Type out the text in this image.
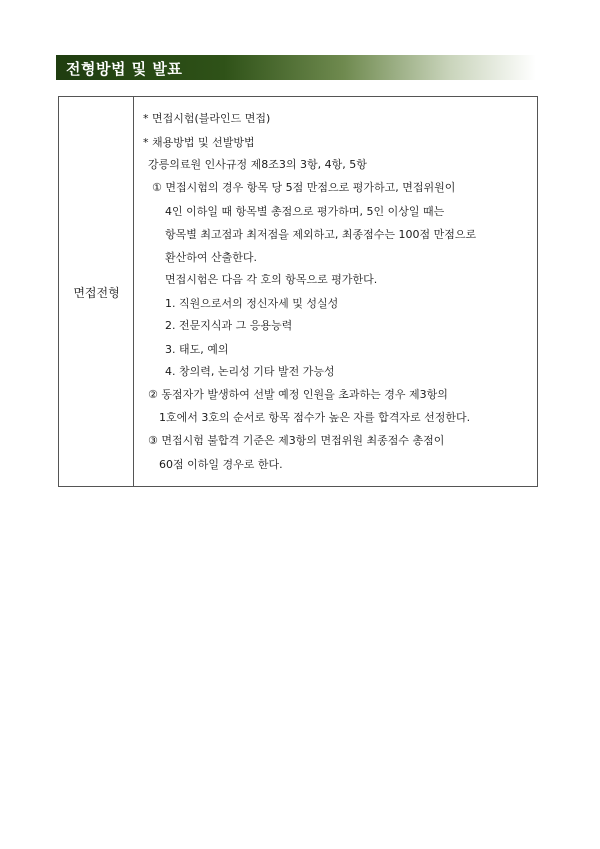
전형방법 및 발표
면접전형
* 면접시험(블라인드 면접)
* 채용방법 및 선발방법
강릉의료원 인사규정 제8조3의 3항, 4항, 5항
① 면접시험의 경우 항목 당 5점 만점으로 평가하고, 면접위원이
4인 이하일 때 항목별 총점으로 평가하며, 5인 이상일 때는
항목별 최고점과 최저점을 제외하고, 최종점수는 100점 만점으로
환산하여 산출한다.
면접시험은 다음 각 호의 항목으로 평가한다.
1. 직원으로서의 정신자세 및 성실성
2. 전문지식과 그 응용능력
3. 태도, 예의
4. 창의력, 논리성 기타 발전 가능성
② 동점자가 발생하여 선발 예정 인원을 초과하는 경우 제3항의
1호에서 3호의 순서로 항목 점수가 높은 자를 합격자로 선정한다.
③ 면접시험 불합격 기준은 제3항의 면접위원 최종점수 총점이
60점 이하일 경우로 한다.
